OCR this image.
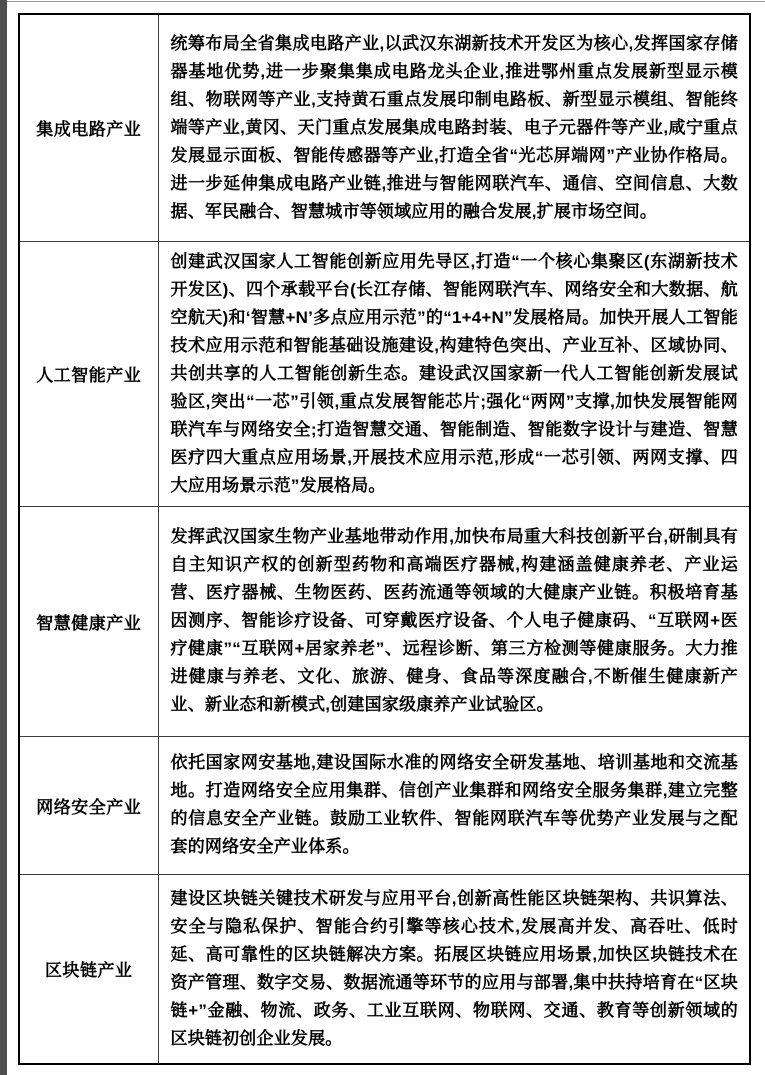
集成电路产业	统筹布局全省集成电路产业,以武汉东湖新技术开发区为核心,发挥国家存储器基地优势,进一步聚集集成电路龙头企业,推进鄂州重点发展新型显示模组、物联网等产业,支持黄石重点发展印制电路板、新型显示模组、智能终端等产业,黄冈、天门重点发展集成电路封装、电子元器件等产业,咸宁重点发展显示面板、智能传感器等产业,打造全省“光芯屏端网”产业协作格局。进一步延伸集成电路产业链,推进与智能网联汽车、通信、空间信息、大数据、军民融合、智慧城市等领域应用的融合发展,扩展市场空间。
人工智能产业	创建武汉国家人工智能创新应用先导区,打造“一个核心集聚区(东湖新技术开发区)、四个承载平台(长江存储、智能网联汽车、网络安全和大数据、航空航天)和‘智慧+N’多点应用示范”的“1+4+N”发展格局。加快开展人工智能技术应用示范和智能基础设施建设,构建特色突出、产业互补、区域协同、共创共享的人工智能创新生态。建设武汉国家新一代人工智能创新发展试验区,突出“一芯”引领,重点发展智能芯片;强化“两网”支撑,加快发展智能网联汽车与网络安全;打造智慧交通、智能制造、智能数字设计与建造、智慧医疗四大重点应用场景,开展技术应用示范,形成“一芯引领、两网支撑、四大应用场景示范”发展格局。
智慧健康产业	发挥武汉国家生物产业基地带动作用,加快布局重大科技创新平台,研制具有自主知识产权的创新型药物和高端医疗器械,构建涵盖健康养老、产业运营、医疗器械、生物医药、医药流通等领域的大健康产业链。积极培育基因测序、智能诊疗设备、可穿戴医疗设备、个人电子健康码、“互联网+医疗健康”“互联网+居家养老”、远程诊断、第三方检测等健康服务。大力推进健康与养老、文化、旅游、健身、食品等深度融合,不断催生健康新产业、新业态和新模式,创建国家级康养产业试验区。
网络安全产业	依托国家网安基地,建设国际水准的网络安全研发基地、培训基地和交流基地。打造网络安全应用集群、信创产业集群和网络安全服务集群,建立完整的信息安全产业链。鼓励工业软件、智能网联汽车等优势产业发展与之配套的网络安全产业体系。
区块链产业	建设区块链关键技术研发与应用平台,创新高性能区块链架构、共识算法、安全与隐私保护、智能合约引擎等核心技术,发展高并发、高吞吐、低时延、高可靠性的区块链解决方案。拓展区块链应用场景,加快区块链技术在资产管理、数字交易、数据流通等环节的应用与部署,集中扶持培育在“区块链+”金融、物流、政务、工业互联网、物联网、交通、教育等创新领域的区块链初创企业发展。
